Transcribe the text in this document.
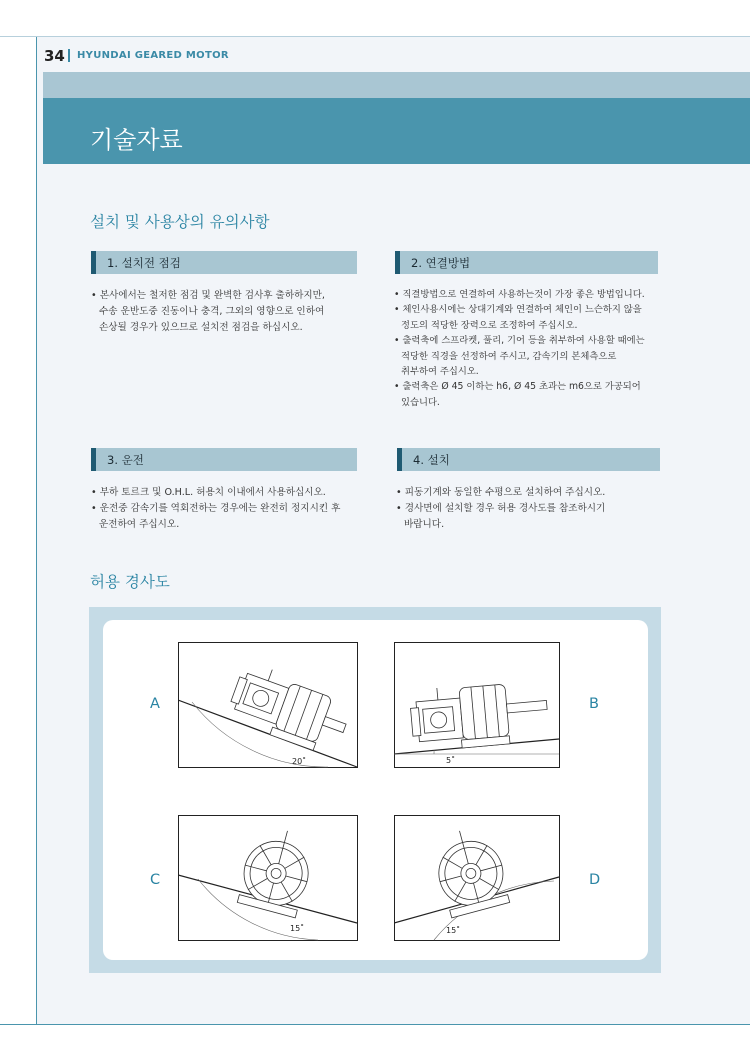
34 HYUNDAI GEARED MOTOR
기술자료
설치 및 사용상의 유의사항
1. 설치전 점검

• 본사에서는 철저한 점검 및 완벽한 검사후 출하하지만,

수송 운반도중 진동이나 충격, 그외의 영향으로 인하여

손상될 경우가 있으므로 설치전 점검을 하십시오.

2. 연결방법

• 직결방법으로 연결하여 사용하는것이 가장 좋은 방법입니다.

• 체인사용시에는 상대기계와 연결하여 체인이 느슨하지 않을

정도의 적당한 장력으로 조정하여 주십시오.

• 출력축에 스프라켓, 풀리, 기어 등을 취부하여 사용할 때에는

적당한 직경을 선정하여 주시고, 감속기의 본체측으로

취부하여 주십시오.

• 출력축은 Ø 45 이하는 h6, Ø 45 초과는 m6으로 가공되어

있습니다.

3. 운전

• 부하 토르크 및 O.H.L. 허용치 이내에서 사용하십시오.

• 운전중 감속기를 역회전하는 경우에는 완전히 정지시킨 후

운전하여 주십시오.

4. 설치

• 피동기계와 동일한 수평으로 설치하여 주십시오.

• 경사면에 설치할 경우 허용 경사도를 참조하시기

바랍니다.

허용 경사도
A	B
C	D
20˚	5˚
15˚	15˚
